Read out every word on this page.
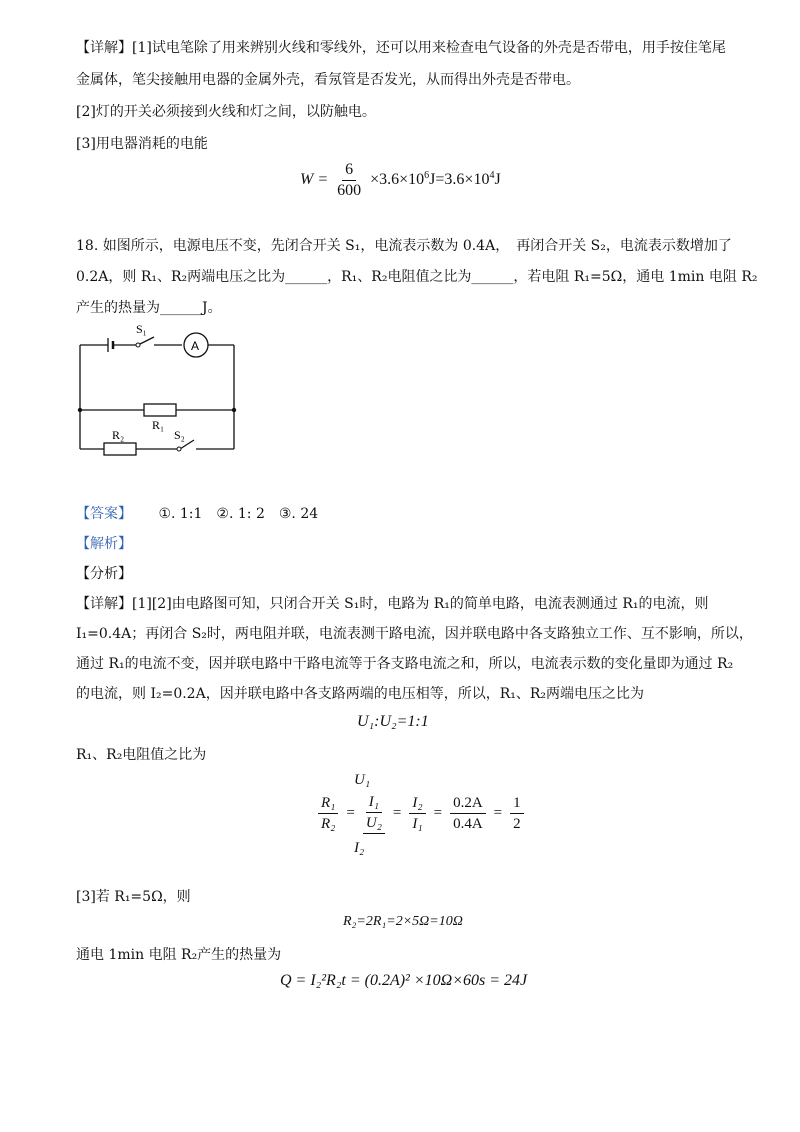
【详解】[1]试电笔除了用来辨别火线和零线外，还可以用来检查电气设备的外壳是否带电，用手按住笔尾
金属体，笔尖接触用电器的金属外壳，看氖管是否发光，从而得出外壳是否带电。
[2]灯的开关必须接到火线和灯之间，以防触电。
[3]用电器消耗的电能
$W = \frac{6}{600} \times 3.6\times 10^6J=3.6\times 10^4J$
18. 如图所示，电源电压不变，先闭合开关 S₁，电流表示数为 0.4A，　再闭合开关 S₂，电流表示数增加了
0.2A，则 R₁、R₂两端电压之比为______，R₁、R₂电阻值之比为______，若电阻 R₁=5Ω，通电 1min 电阻 R₂
产生的热量为______J。
S₁
A
R₁
R₂	S₂
【答案】 ①. 1:1　②. 1: 2　③. 24
【解析】
【分析】
【详解】[1][2]由电路图可知，只闭合开关 S₁时，电路为 R₁的简单电路，电流表测通过 R₁的电流，则
I₁=0.4A；再闭合 S₂时，两电阻并联，电流表测干路电流，因并联电路中各支路独立工作、互不影响，所以，
通过 R₁的电流不变，因并联电路中干路电流等于各支路电流之和，所以，电流表示数的变化量即为通过 R₂
的电流，则 I₂=0.2A，因并联电路中各支路两端的电压相等，所以，R₁、R₂两端电压之比为
U₁:U₂=1:1
R₁、R₂电阻值之比为
U₁
$\frac{\text{R₁}}{\text{R₂}} = \frac{\text{I₁}}{\text{U₂}} = \frac{\text{I₂}}{\text{I₁}} = \frac{0.2A}{0.4A} = \frac{1}{2}$
I₂
[3]若 R₁=5Ω，则
R₂=2R₁=2×5Ω=10Ω
通电 1min 电阻 R₂产生的热量为
Q = I₂²R₂t = (0.2A)² ×10Ω×60s = 24J
